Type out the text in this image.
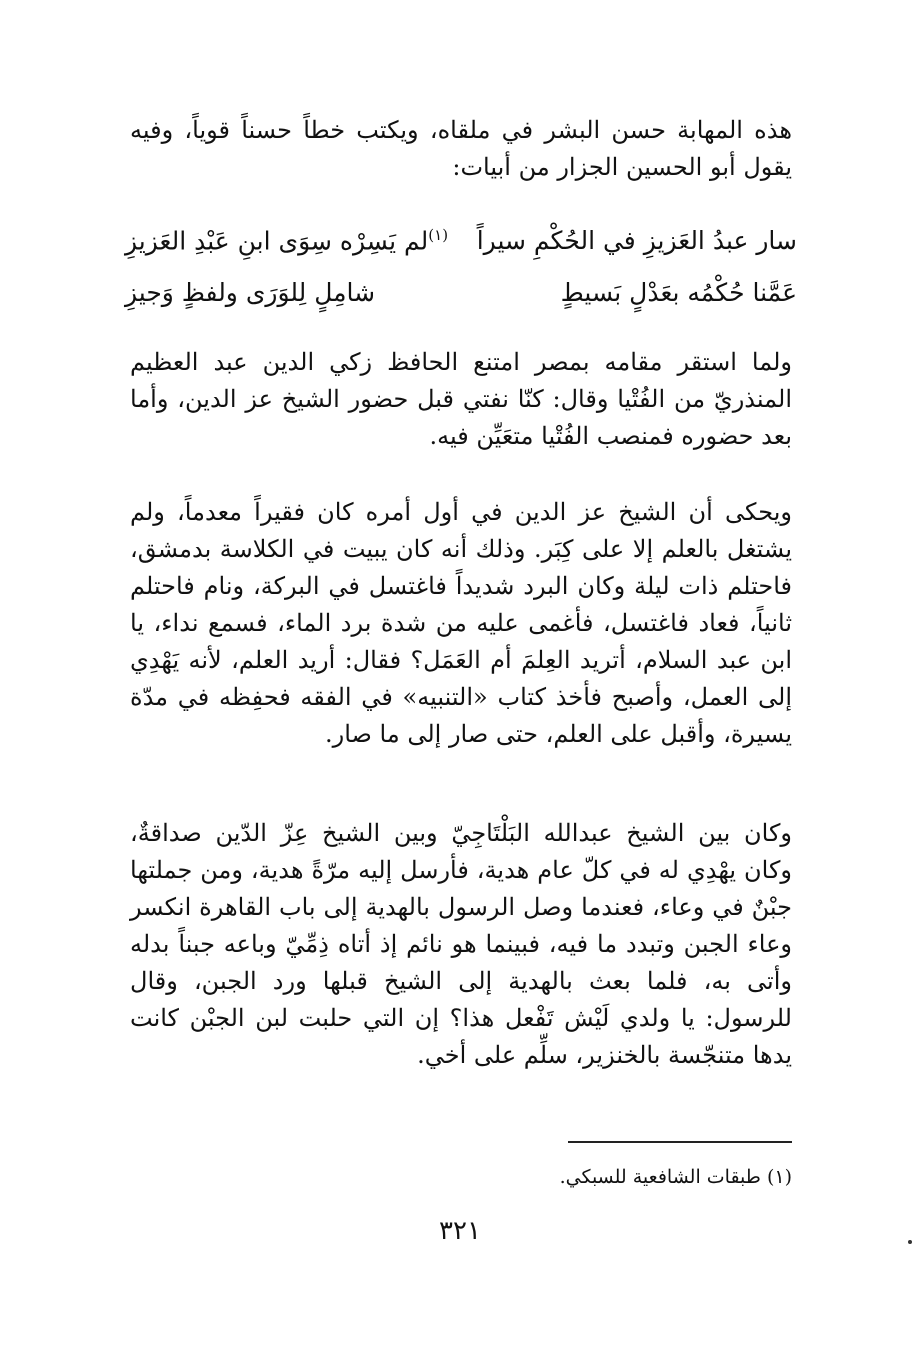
هذه المهابة حسن البشر في ملقاه، ويكتب خطاً حسناً قوياً، وفيه يقول أبو الحسين الجزار من أبيات:

سار عبدُ العَزيزِ في الحُكْمِ سيراً
$^{(١)}$لم يَسِرْه سِوَى ابنِ عَبْدِ العَزيزِ
عَمَّنا حُكْمُه بعَدْلٍ بَسيطٍ
شامِلٍ لِلوَرَى ولفظٍ وَجيزِ

ولما استقر مقامه بمصر امتنع الحافظ زكي الدين عبد العظيم المنذريّ من الفُتْيا وقال: كنّا نفتي قبل حضور الشيخ عز الدين، وأما بعد حضوره فمنصب الفُتْيا متعَيِّن فيه.

ويحكى أن الشيخ عز الدين في أول أمره كان فقيراً معدماً، ولم يشتغل بالعلم إلا على كِبَر. وذلك أنه كان يبيت في الكلاسة بدمشق، فاحتلم ذات ليلة وكان البرد شديداً فاغتسل في البركة، ونام فاحتلم ثانياً، فعاد فاغتسل، فأغمى عليه من شدة برد الماء، فسمع نداء، يا ابن عبد السلام، أتريد العِلمَ أم العَمَل؟ فقال: أريد العلم، لأنه يَهْدِي إلى العمل، وأصبح فأخذ كتاب «التنبيه» في الفقه فحفِظه في مدّة يسيرة، وأقبل على العلم، حتى صار إلى ما صار.

وكان بين الشيخ عبدالله البَلْتَاجِيّ وبين الشيخ عِزّ الدّين صداقةٌ، وكان يهْدِي له في كلّ عام هدية، فأرسل إليه مرّةً هدية، ومن جملتها جبْنٌ في وعاء، فعندما وصل الرسول بالهدية إلى باب القاهرة انكسر وعاء الجبن وتبدد ما فيه، فبينما هو نائم إذ أتاه ذِمِّيّ وباعه جبناً بدله وأتى به، فلما بعث بالهدية إلى الشيخ قبلها ورد الجبن، وقال للرسول: يا ولدي لَيْش تَفْعل هذا؟ إن التي حلبت لبن الجبْن كانت يدها متنجّسة بالخنزير، سلِّم على أخي.

(١) طبقات الشافعية للسبكي.
٣٢١
